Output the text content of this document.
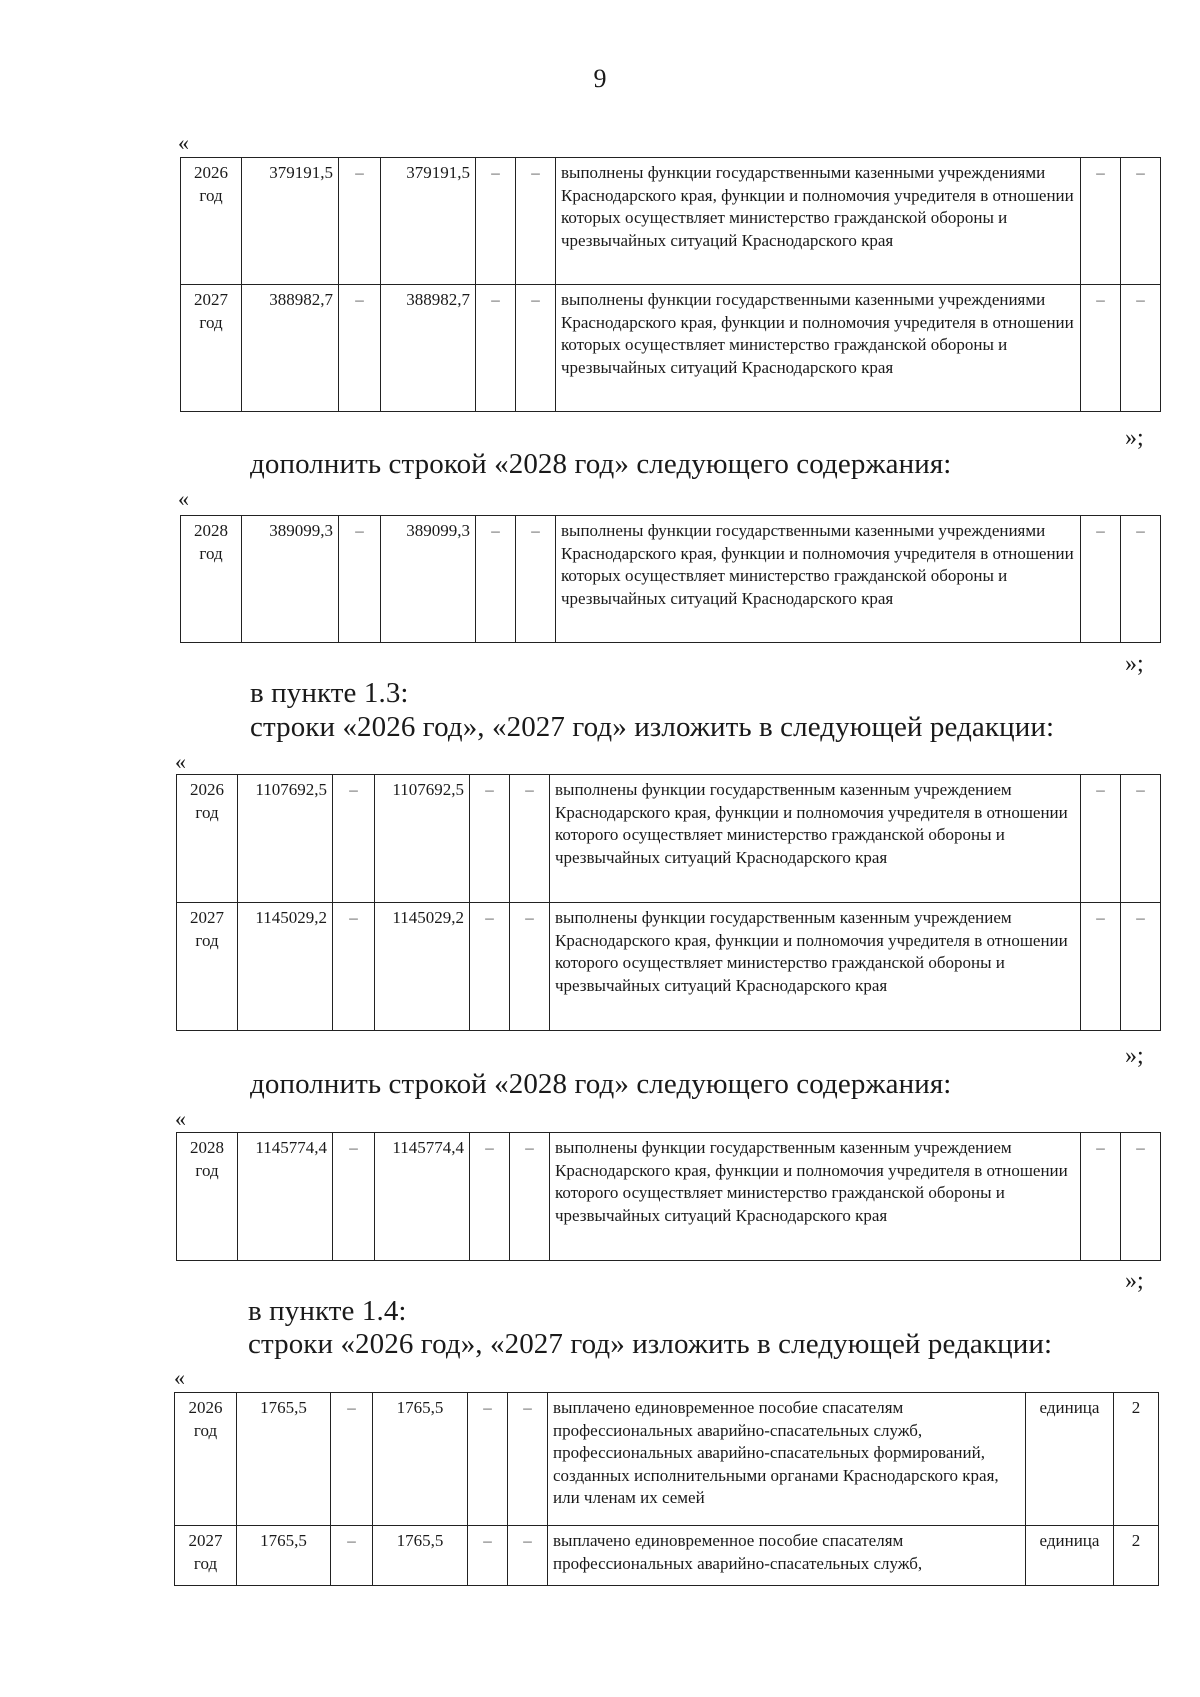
9
«
2026
год	379191,5	–	379191,5	–	–	выполнены функции государственными казенными учреждениями Краснодарского края, функции и полномочия учредителя в отношении которых осуществляет министерство гражданской обороны и чрезвычайных ситуаций Краснодарского края	–	–
2027
год	388982,7	–	388982,7	–	–	выполнены функции государственными казенными учреждениями Краснодарского края, функции и полномочия учредителя в отношении которых осуществляет министерство гражданской обороны и чрезвычайных ситуаций Краснодарского края	–	–
»;
дополнить строкой «2028 год» следующего содержания:
«
2028
год	389099,3	–	389099,3	–	–	выполнены функции государственными казенными учреждениями Краснодарского края, функции и полномочия учредителя в отношении которых осуществляет министерство гражданской обороны и чрезвычайных ситуаций Краснодарского края	–	–
»;
в пункте 1.3:
строки «2026 год», «2027 год» изложить в следующей редакции:
«
2026
год	1107692,5	–	1107692,5	–	–	выполнены функции государственным казенным учреждением Краснодарского края, функции и полномочия учредителя в отношении которого осуществляет министерство гражданской обороны и чрезвычайных ситуаций Краснодарского края	–	–
2027
год	1145029,2	–	1145029,2	–	–	выполнены функции государственным казенным учреждением Краснодарского края, функции и полномочия учредителя в отношении которого осуществляет министерство гражданской обороны и чрезвычайных ситуаций Краснодарского края	–	–
»;
дополнить строкой «2028 год» следующего содержания:
«
2028
год	1145774,4	–	1145774,4	–	–	выполнены функции государственным казенным учреждением Краснодарского края, функции и полномочия учредителя в отношении которого осуществляет министерство гражданской обороны и чрезвычайных ситуаций Краснодарского края	–	–
»;
в пункте 1.4:
строки «2026 год», «2027 год» изложить в следующей редакции:
«
2026
год	1765,5	–	1765,5	–	–	выплачено единовременное пособие спасателям профессиональных аварийно-спасательных служб, профессиональных аварийно-спасательных формирований, созданных исполнительными органами Краснодарского края, или членам их семей	единица	2
2027
год	1765,5	–	1765,5	–	–	выплачено единовременное пособие спасателям профессиональных аварийно-спасательных служб,	единица	2
